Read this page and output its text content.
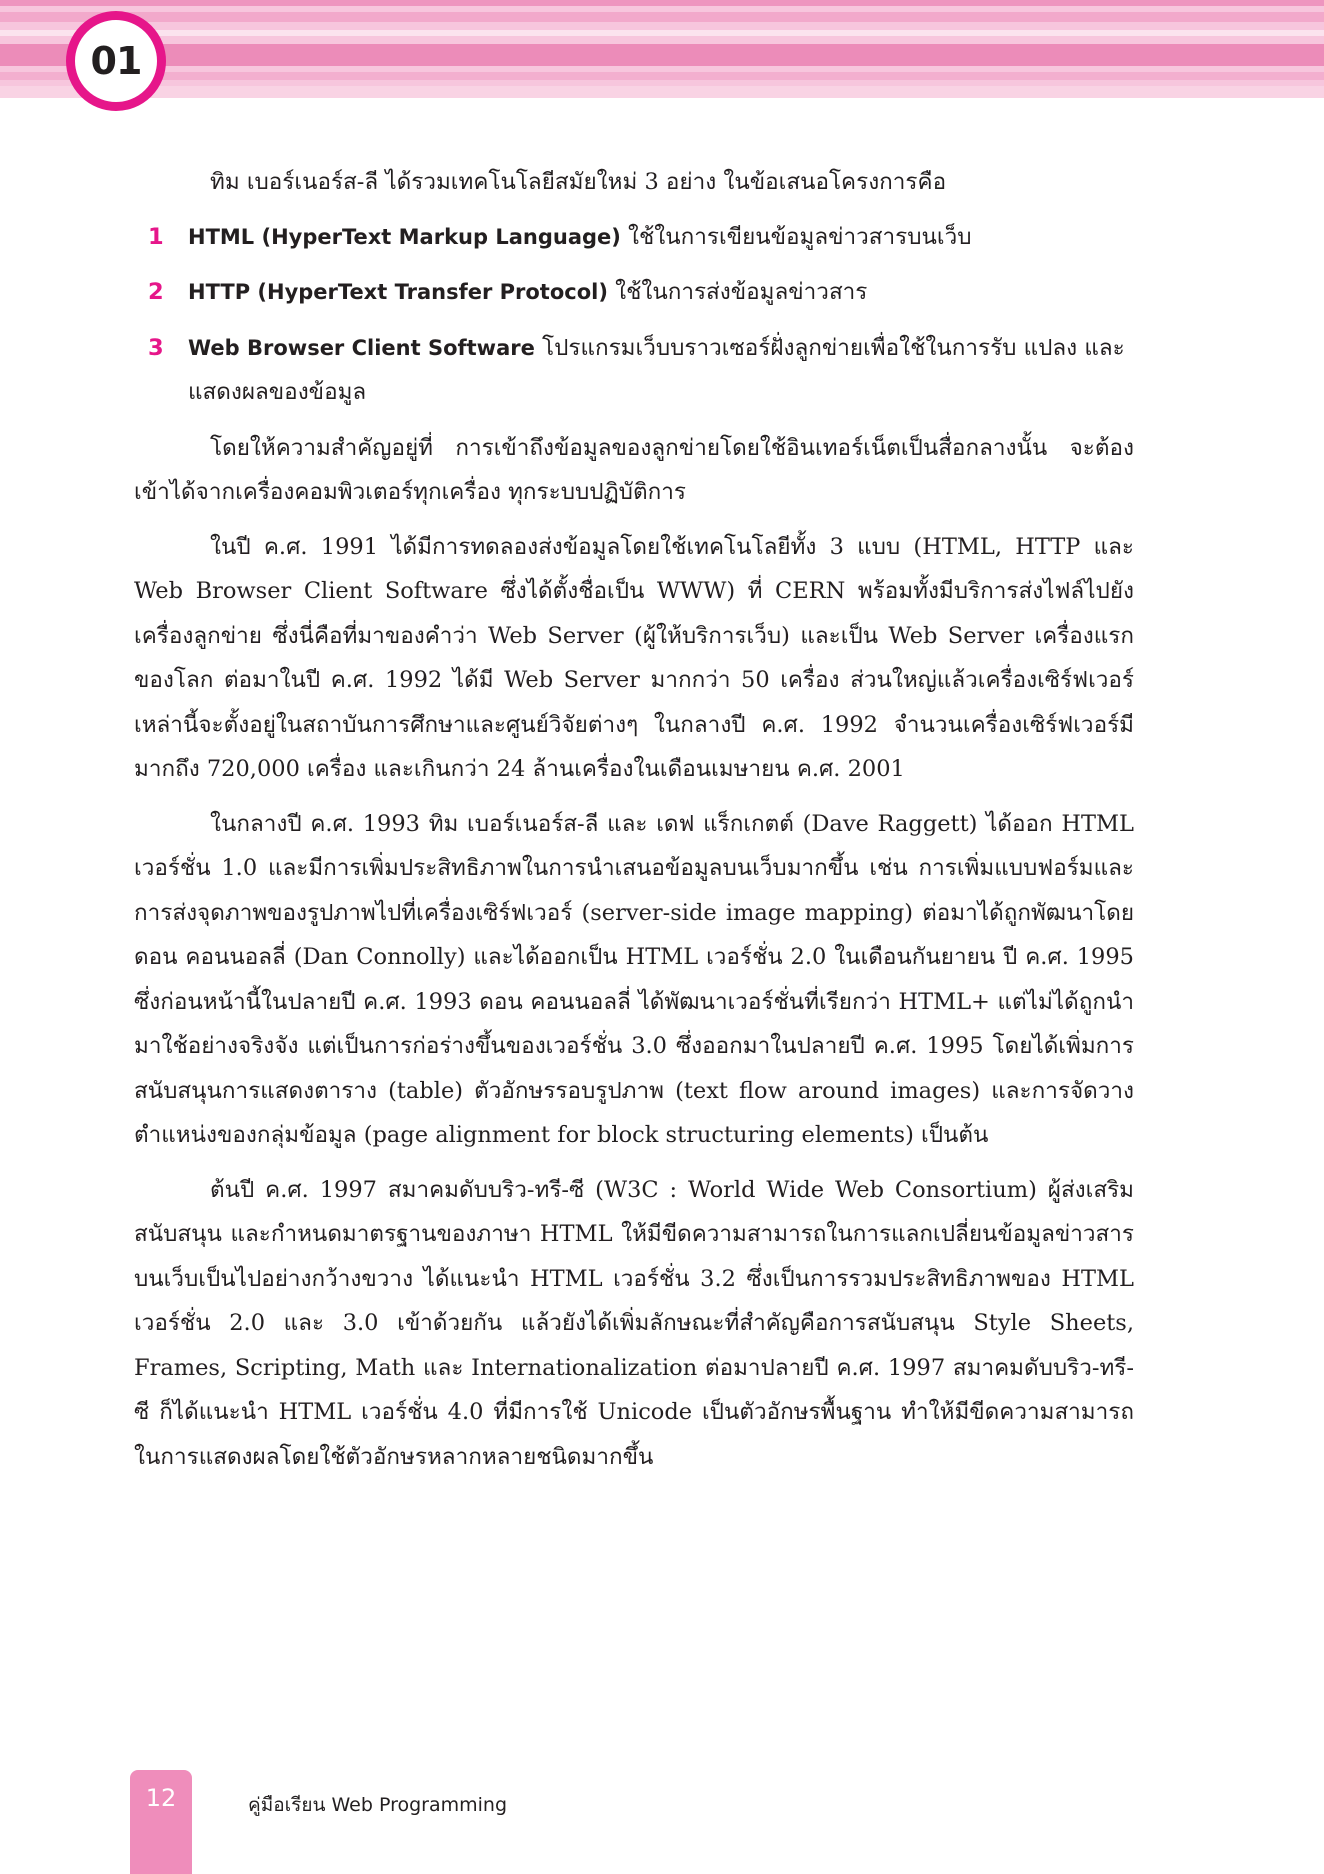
01

ทิม เบอร์เนอร์ส-ลี ได้รวมเทคโนโลยีสมัยใหม่ 3 อย่าง ในข้อเสนอโครงการคือ

1 HTML (HyperText Markup Language) ใช้ในการเขียนข้อมูลข่าวสารบนเว็บ
2 HTTP (HyperText Transfer Protocol) ใช้ในการส่งข้อมูลข่าวสาร
3 Web Browser Client Software โปรแกรมเว็บบราวเซอร์ฝั่งลูกข่ายเพื่อใช้ในการรับ แปลง และแสดงผลของข้อมูล

โดยให้ความสำคัญอยู่ที่ การเข้าถึงข้อมูลของลูกข่ายโดยใช้อินเทอร์เน็ตเป็นสื่อกลางนั้น จะต้องเข้าได้จากเครื่องคอมพิวเตอร์ทุกเครื่อง ทุกระบบปฏิบัติการ

ในปี ค.ศ. 1991 ได้มีการทดลองส่งข้อมูลโดยใช้เทคโนโลยีทั้ง 3 แบบ (HTML, HTTP และ Web Browser Client Software ซึ่งได้ตั้งชื่อเป็น WWW) ที่ CERN พร้อมทั้งมีบริการส่งไฟล์ไปยังเครื่องลูกข่าย ซึ่งนี่คือที่มาของคำว่า Web Server (ผู้ให้บริการเว็บ) และเป็น Web Server เครื่องแรกของโลก ต่อมาในปี ค.ศ. 1992 ได้มี Web Server มากกว่า 50 เครื่อง ส่วนใหญ่แล้วเครื่องเซิร์ฟเวอร์เหล่านี้จะตั้งอยู่ในสถาบันการศึกษาและศูนย์วิจัยต่างๆ ในกลางปี ค.ศ. 1992 จำนวนเครื่องเซิร์ฟเวอร์มีมากถึง 720,000 เครื่อง และเกินกว่า 24 ล้านเครื่องในเดือนเมษายน ค.ศ. 2001

ในกลางปี ค.ศ. 1993 ทิม เบอร์เนอร์ส-ลี และ เดฟ แร็กเกตต์ (Dave Raggett) ได้ออก HTML เวอร์ชั่น 1.0 และมีการเพิ่มประสิทธิภาพในการนำเสนอข้อมูลบนเว็บมากขึ้น เช่น การเพิ่มแบบฟอร์มและการส่งจุดภาพของรูปภาพไปที่เครื่องเซิร์ฟเวอร์ (server-side image mapping) ต่อมาได้ถูกพัฒนาโดย ดอน คอนนอลลี่ (Dan Connolly) และได้ออกเป็น HTML เวอร์ชั่น 2.0 ในเดือนกันยายน ปี ค.ศ. 1995 ซึ่งก่อนหน้านี้ในปลายปี ค.ศ. 1993 ดอน คอนนอลลี่ ได้พัฒนาเวอร์ชั่นที่เรียกว่า HTML+ แต่ไม่ได้ถูกนำมาใช้อย่างจริงจัง แต่เป็นการก่อร่างขึ้นของเวอร์ชั่น 3.0 ซึ่งออกมาในปลายปี ค.ศ. 1995 โดยได้เพิ่มการสนับสนุนการแสดงตาราง (table) ตัวอักษรรอบรูปภาพ (text flow around images) และการจัดวางตำแหน่งของกลุ่มข้อมูล (page alignment for block structuring elements) เป็นต้น

ต้นปี ค.ศ. 1997 สมาคมดับบริว-ทรี-ซี (W3C : World Wide Web Consortium) ผู้ส่งเสริมสนับสนุน และกำหนดมาตรฐานของภาษา HTML ให้มีขีดความสามารถในการแลกเปลี่ยนข้อมูลข่าวสารบนเว็บเป็นไปอย่างกว้างขวาง ได้แนะนำ HTML เวอร์ชั่น 3.2 ซึ่งเป็นการรวมประสิทธิภาพของ HTML เวอร์ชั่น 2.0 และ 3.0 เข้าด้วยกัน แล้วยังได้เพิ่มลักษณะที่สำคัญคือการสนับสนุน Style Sheets, Frames, Scripting, Math และ Internationalization ต่อมาปลายปี ค.ศ. 1997 สมาคมดับบริว-ทรี-ซี ก็ได้แนะนำ HTML เวอร์ชั่น 4.0 ที่มีการใช้ Unicode เป็นตัวอักษรพื้นฐาน ทำให้มีขีดความสามารถในการแสดงผลโดยใช้ตัวอักษรหลากหลายชนิดมากขึ้น

12	คู่มือเรียน Web Programming
